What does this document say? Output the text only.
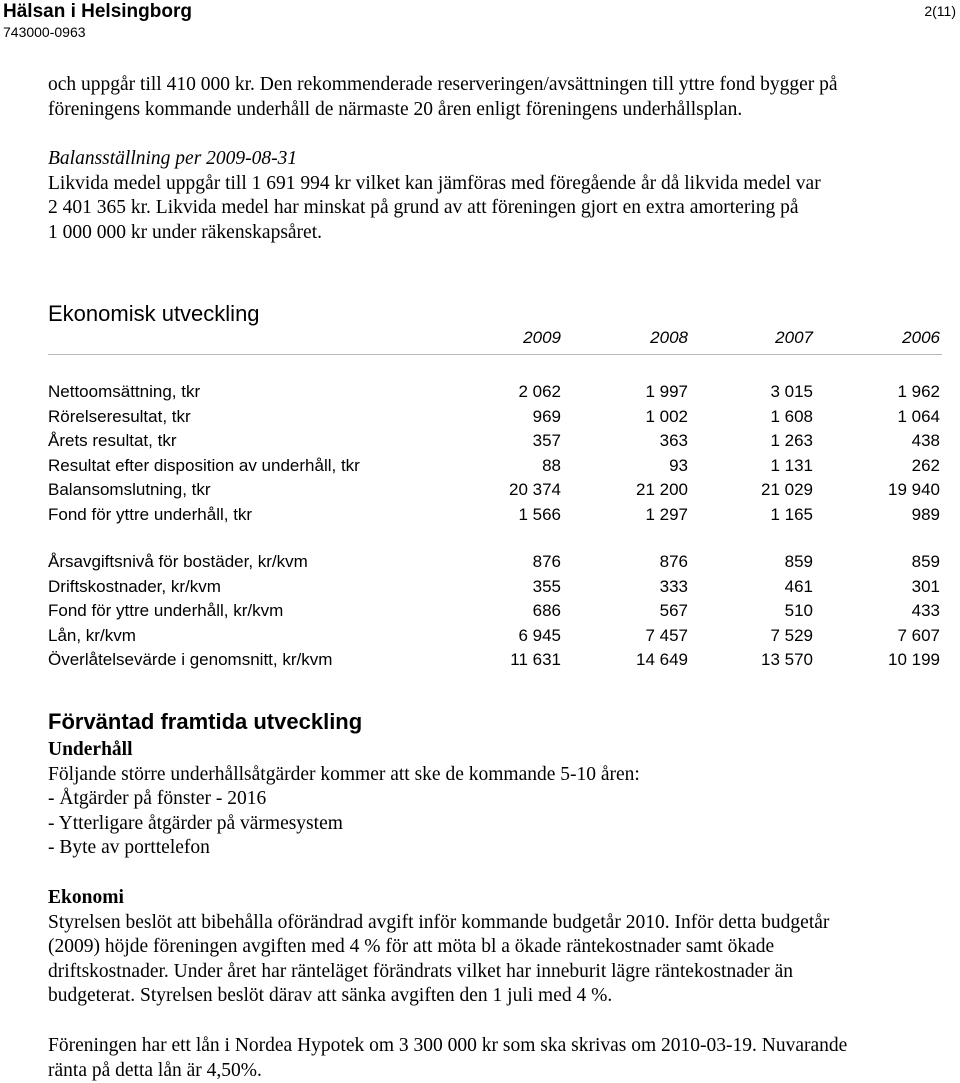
Hälsan i Helsingborg
743000-0963
2(11)

och uppgår till 410 000 kr. Den rekommenderade reserveringen/avsättningen till yttre fond bygger på

föreningens kommande underhåll de närmaste 20 åren enligt föreningens underhållsplan.

Balansställning per 2009-08-31

Likvida medel uppgår till 1 691 994 kr vilket kan jämföras med föregående år då likvida medel var

2 401 365 kr. Likvida medel har minskat på grund av att föreningen gjort en extra amortering på

1 000 000 kr under räkenskapsåret.

Ekonomisk utveckling
2009	2008	2007	2006
Nettoomsättning, tkr	2 062	1 997	3 015	1 962
Rörelseresultat, tkr	969	1 002	1 608	1 064
Årets resultat, tkr	357	363	1 263	438
Resultat efter disposition av underhåll, tkr	88	93	1 131	262
Balansomslutning, tkr	20 374	21 200	21 029	19 940
Fond för yttre underhåll, tkr	1 566	1 297	1 165	989
Årsavgiftsnivå för bostäder, kr/kvm	876	876	859	859
Driftskostnader, kr/kvm	355	333	461	301
Fond för yttre underhåll, kr/kvm	686	567	510	433
Lån, kr/kvm	6 945	7 457	7 529	7 607
Överlåtelsevärde i genomsnitt, kr/kvm	11 631	14 649	13 570	10 199
Förväntad framtida utveckling

Underhåll

Följande större underhållsåtgärder kommer att ske de kommande 5-10 åren:

- Åtgärder på fönster - 2016

- Ytterligare åtgärder på värmesystem

- Byte av porttelefon

Ekonomi

Styrelsen beslöt att bibehålla oförändrad avgift inför kommande budgetår 2010. Inför detta budgetår

(2009) höjde föreningen avgiften med 4 % för att möta bl a ökade räntekostnader samt ökade

driftskostnader. Under året har ränteläget förändrats vilket har inneburit lägre räntekostnader än

budgeterat. Styrelsen beslöt därav att sänka avgiften den 1 juli med 4 %.

Föreningen har ett lån i Nordea Hypotek om 3 300 000 kr som ska skrivas om 2010-03-19. Nuvarande

ränta på detta lån är 4,50%.
